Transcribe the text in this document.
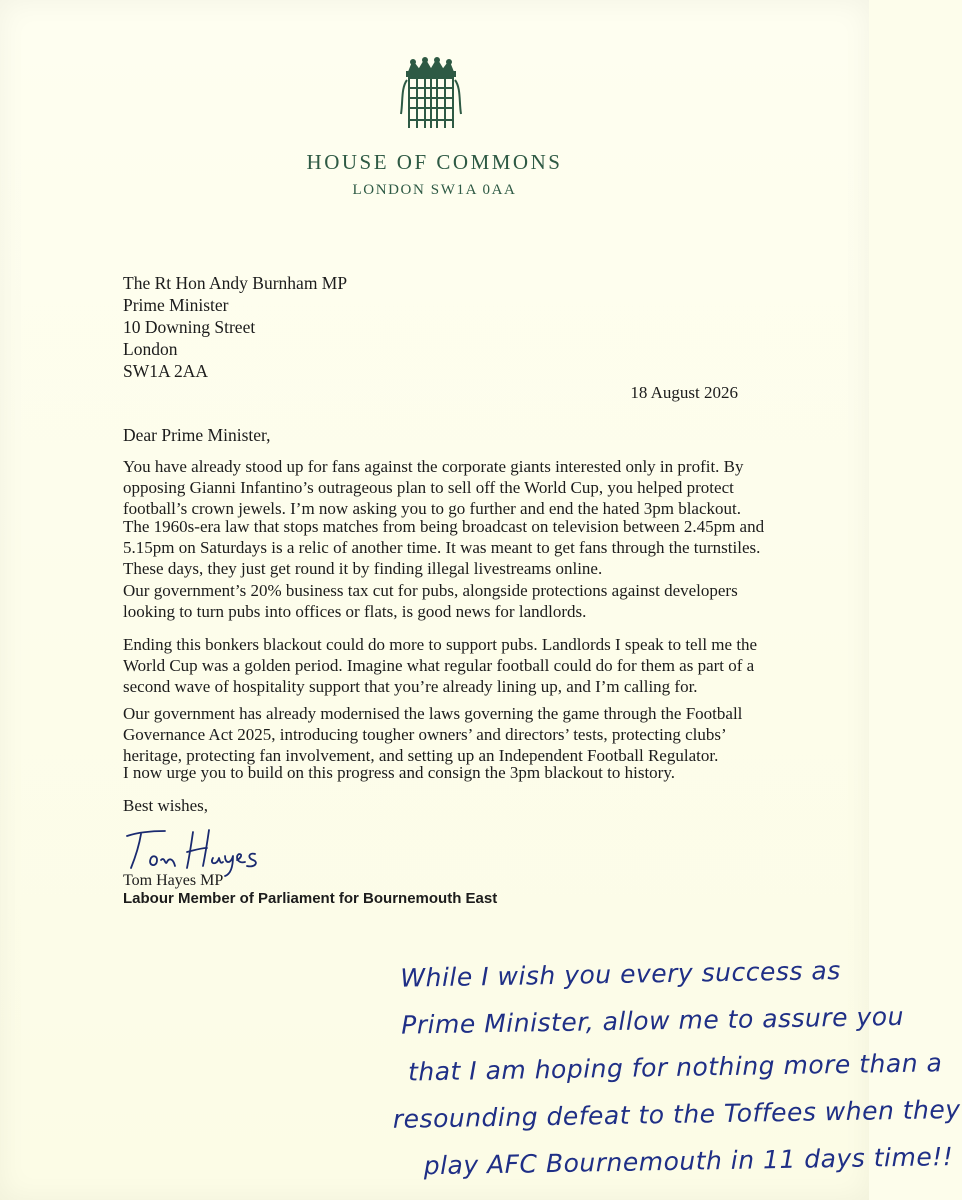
HOUSE OF COMMONS
LONDON SW1A 0AA
The Rt Hon Andy Burnham MP
Prime Minister
10 Downing Street
London
SW1A 2AA
18 August 2026
Dear Prime Minister,
You have already stood up for fans against the corporate giants interested only in profit. By
opposing Gianni Infantino’s outrageous plan to sell off the World Cup, you helped protect
football’s crown jewels. I’m now asking you to go further and end the hated 3pm blackout.
The 1960s-era law that stops matches from being broadcast on television between 2.45pm and
5.15pm on Saturdays is a relic of another time. It was meant to get fans through the turnstiles.
These days, they just get round it by finding illegal livestreams online.
Our government’s 20% business tax cut for pubs, alongside protections against developers
looking to turn pubs into offices or flats, is good news for landlords.
Ending this bonkers blackout could do more to support pubs. Landlords I speak to tell me the
World Cup was a golden period. Imagine what regular football could do for them as part of a
second wave of hospitality support that you’re already lining up, and I’m calling for.
Our government has already modernised the laws governing the game through the Football
Governance Act 2025, introducing tougher owners’ and directors’ tests, protecting clubs’
heritage, protecting fan involvement, and setting up an Independent Football Regulator.
I now urge you to build on this progress and consign the 3pm blackout to history.
Best wishes,
Tom Hayes MP
Labour Member of Parliament for Bournemouth East
While I wish you every success as
Prime Minister, allow me to assure you
that I am hoping for nothing more than a
resounding defeat to the Toffees when they
play AFC Bournemouth in 11 days time!!
